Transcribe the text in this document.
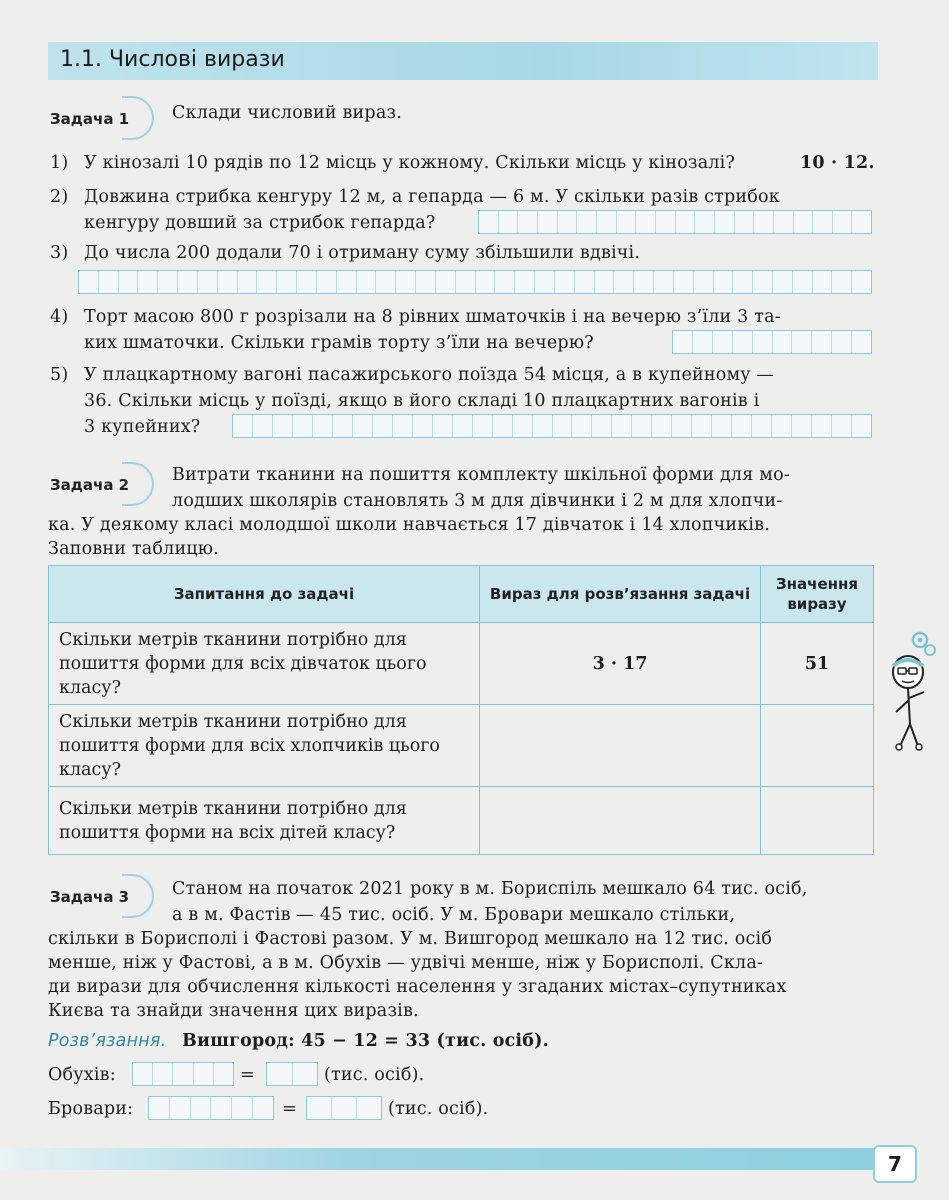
1.1. Числові вирази
Задача 1 Склади числовий вираз.
1) У кінозалі 10 рядів по 12 місць у кожному. Скільки місць у кінозалі?	10 · 12.
2) Довжина стрибка кенгуру 12 м, а гепарда — 6 м. У скільки разів стрибок
кенгуру довший за стрибок гепарда?
3) До числа 200 додали 70 і отриману суму збільшили вдвічі.
4) Торт масою 800 г розрізали на 8 рівних шматочків і на вечерю з’їли 3 та-
ких шматочки. Скільки грамів торту з’їли на вечерю?
5) У плацкартному вагоні пасажирського поїзда 54 місця, а в купейному —
36. Скільки місць у поїзді, якщо в його складі 10 плацкартних вагонів і
3 купейних?
Задача 2 Витрати тканини на пошиття комплекту шкільної форми для мо-
лодших школярів становлять 3 м для дівчинки і 2 м для хлопчи-
ка. У деякому класі молодшої школи навчається 17 дівчаток і 14 хлопчиків.
Заповни таблицю.
Запитання до задачі	Вираз для розв’язання задачі	Значення виразу
Скільки метрів тканини потрібно для пошиття форми для всіх дівчаток цього класу?	3 · 17	51
Скільки метрів тканини потрібно для пошиття форми для всіх хлопчиків цього класу?		
Скільки метрів тканини потрібно для пошиття форми на всіх дітей класу?		
Задача 3 Станом на початок 2021 року в м. Бориспіль мешкало 64 тис. осіб,
а в м. Фастів — 45 тис. осіб. У м. Бровари мешкало стільки,
скільки в Борисполі і Фастові разом. У м. Вишгород мешкало на 12 тис. осіб
менше, ніж у Фастові, а в м. Обухів — удвічі менше, ніж у Борисполі. Скла-
ди вирази для обчислення кількості населення у згаданих містах–супутниках
Києва та знайди значення цих виразів.
Розв’язання. Вишгород: 45 − 12 = 33 (тис. осіб).
Обухів:	=	(тис. осіб).
Бровари:	=	(тис. осіб).
7
